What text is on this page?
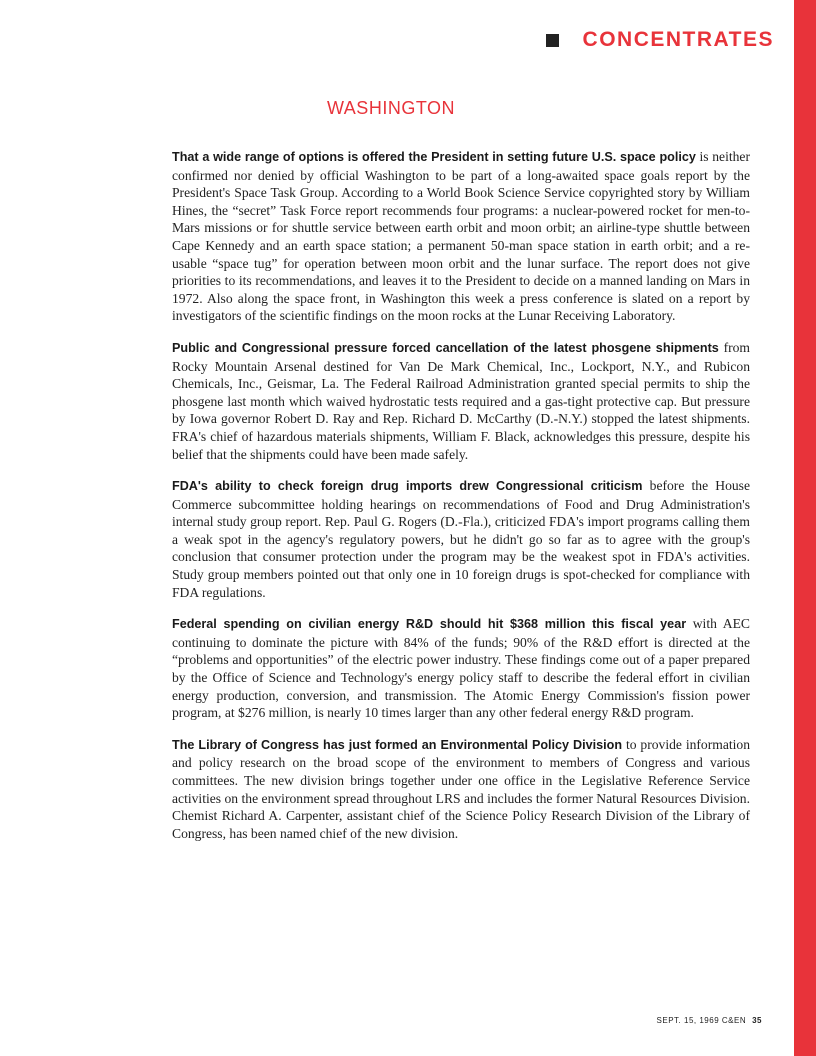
CONCENTRATES
WASHINGTON

That a wide range of options is offered the President in setting future U.S. space policy is neither confirmed nor denied by official Washington to be part of a long-awaited space goals report by the President's Space Task Group. According to a World Book Science Service copyrighted story by William Hines, the “secret” Task Force report recommends four programs: a nuclear-powered rocket for men-to-Mars missions or for shuttle service between earth orbit and moon orbit; an airline-type shuttle between Cape Kennedy and an earth space station; a permanent 50-man space station in earth orbit; and a re-usable “space tug” for operation between moon orbit and the lunar surface. The report does not give priorities to its recommendations, and leaves it to the President to decide on a manned landing on Mars in 1972. Also along the space front, in Washington this week a press conference is slated on a report by investigators of the scientific findings on the moon rocks at the Lunar Receiving Laboratory.

Public and Congressional pressure forced cancellation of the latest phosgene shipments from Rocky Mountain Arsenal destined for Van De Mark Chemical, Inc., Lockport, N.Y., and Rubicon Chemicals, Inc., Geismar, La. The Federal Railroad Administration granted special permits to ship the phosgene last month which waived hydrostatic tests required and a gas-tight protective cap. But pressure by Iowa governor Robert D. Ray and Rep. Richard D. McCarthy (D.-N.Y.) stopped the latest shipments. FRA's chief of hazardous materials shipments, William F. Black, acknowledges this pressure, despite his belief that the shipments could have been made safely.

FDA's ability to check foreign drug imports drew Congressional criticism before the House Commerce subcommittee holding hearings on recommendations of Food and Drug Administration's internal study group report. Rep. Paul G. Rogers (D.-Fla.), criticized FDA's import programs calling them a weak spot in the agency's regulatory powers, but he didn't go so far as to agree with the group's conclusion that consumer protection under the program may be the weakest spot in FDA's activities. Study group members pointed out that only one in 10 foreign drugs is spot-checked for compliance with FDA regulations.

Federal spending on civilian energy R&D should hit $368 million this fiscal year with AEC continuing to dominate the picture with 84% of the funds; 90% of the R&D effort is directed at the “problems and opportunities” of the electric power industry. These findings come out of a paper prepared by the Office of Science and Technology's energy policy staff to describe the federal effort in civilian energy production, conversion, and transmission. The Atomic Energy Commission's fission power program, at $276 million, is nearly 10 times larger than any other federal energy R&D program.

The Library of Congress has just formed an Environmental Policy Division to provide information and policy research on the broad scope of the environment to members of Congress and various committees. The new division brings together under one office in the Legislative Reference Service activities on the environment spread throughout LRS and includes the former Natural Resources Division. Chemist Richard A. Carpenter, assistant chief of the Science Policy Research Division of the Library of Congress, has been named chief of the new division.

SEPT. 15, 1969 C&EN 35
